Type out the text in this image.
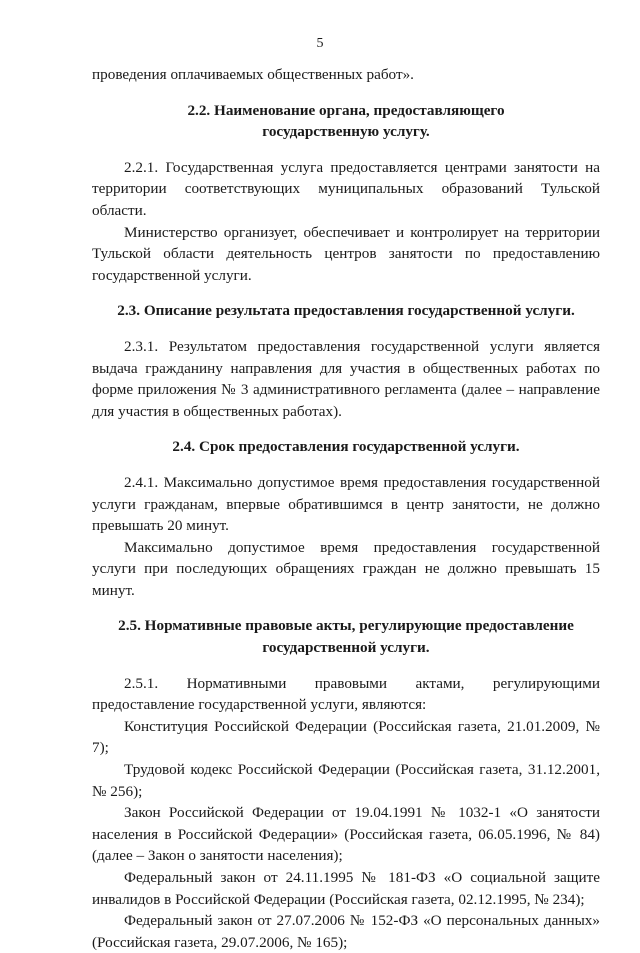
5

проведения оплачиваемых общественных работ».

2.2. Наименование органа, предоставляющего
государственную услугу.

2.2.1. Государственная услуга предоставляется центрами занятости на территории соответствующих муниципальных образований Тульской области.

Министерство организует, обеспечивает и контролирует на территории Тульской области деятельность центров занятости по предоставлению государственной услуги.

2.3. Описание результата предоставления государственной услуги.

2.3.1. Результатом предоставления государственной услуги является выдача гражданину направления для участия в общественных работах по форме приложения № 3 административного регламента (далее – направление для участия в общественных работах).

2.4. Срок предоставления государственной услуги.

2.4.1. Максимально допустимое время предоставления государственной услуги гражданам, впервые обратившимся в центр занятости, не должно превышать 20 минут.

Максимально допустимое время предоставления государственной услуги при последующих обращениях граждан не должно превышать 15 минут.

2.5. Нормативные правовые акты, регулирующие предоставление
государственной услуги.

2.5.1. Нормативными правовыми актами, регулирующими предоставление государственной услуги, являются:

Конституция Российской Федерации (Российская газета, 21.01.2009, № 7);

Трудовой кодекс Российской Федерации (Российская газета, 31.12.2001, № 256);

Закон Российской Федерации от 19.04.1991 № 1032-1 «О занятости населения в Российской Федерации» (Российская газета, 06.05.1996, № 84) (далее – Закон о занятости населения);

Федеральный закон от 24.11.1995 № 181-ФЗ «О социальной защите инвалидов в Российской Федерации (Российская газета, 02.12.1995, № 234);

Федеральный закон от 27.07.2006 № 152-ФЗ «О персональных данных» (Российская газета, 29.07.2006, № 165);
